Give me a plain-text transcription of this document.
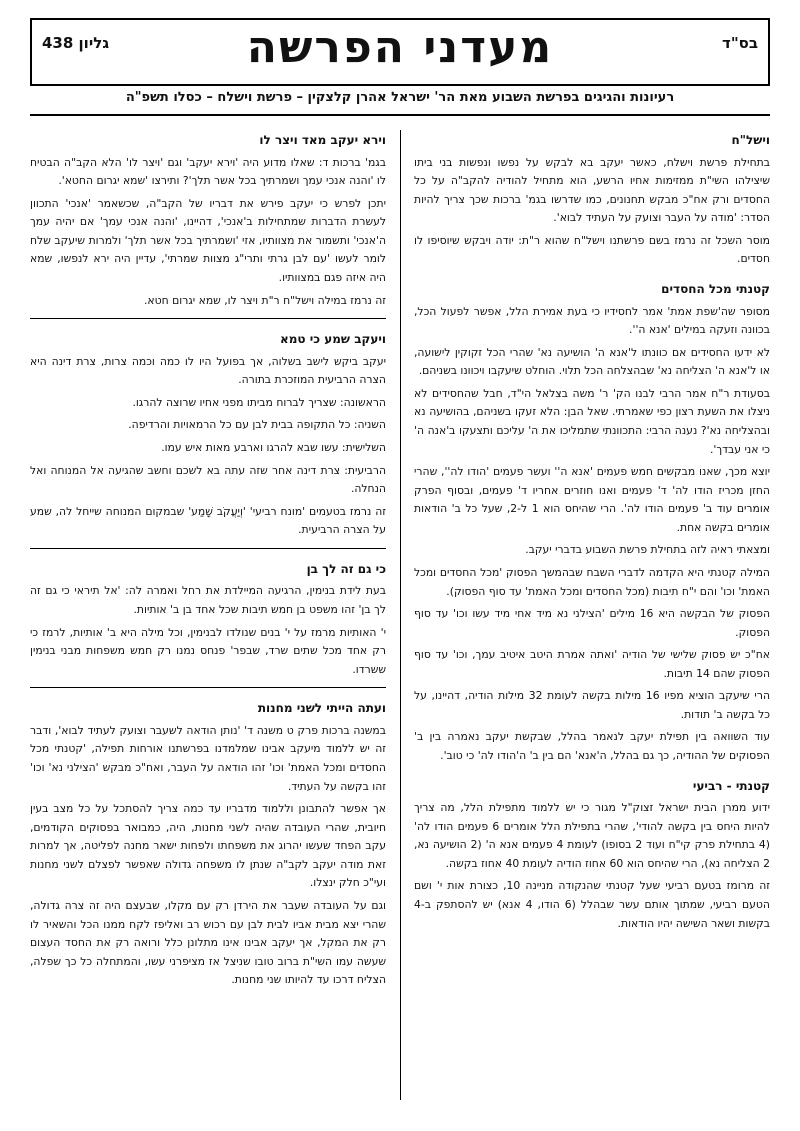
בס"ד
מעדני הפרשה
גליון 438
רעיונות והגיגים בפרשת השבוע מאת הר' ישראל אהרן קלצקין – פרשת וישלח – כסלו תשפ"ה
וישל"ח

בתחילת פרשת וישלח, כאשר יעקב בא לבקש על נפשו ונפשות בני ביתו שיצילהו השי"ת ממזימות אחיו הרשע, הוא מתחיל להודיה להקב"ה על כל החסדים ורק אח"כ מבקש תחנונים, כמו שדרשו בגמ' ברכות שכך צריך להיות הסדר: 'מודה על העבר וצועק על העתיד לבוא'.

מוסר השכל זה נרמז בשם פרשתנו וישל"ח שהוא ר"ת: יודה ויבקש שיוסיפו לו חסדים.

קטנתי מכל החסדים

מסופר שה'שפת אמת' אמר לחסידיו כי בעת אמירת הלל, אפשר לפעול הכל, בכוונה וזעקה במילים 'אנא ה''.

לא ידעו החסידים אם כוונתו ל'אנא ה' הושיעה נא' שהרי הכל זקוקין לישועה, או ל'אנא ה' הצליחה נא' שבהצלחה הכל תלוי. הוחלט שיעקבו ויכוונו בשניהם.

בסעודת ר"ח אמר הרבי לבנו הק' ר' משה בצלאל הי"ד, חבל שהחסידים לא ניצלו את השעת רצון כפי שאמרתי. שאל הבן: הלא זעקו בשניהם, בהושיעה נא ובהצליחה נא'? נענה הרבי: התכוונתי שתמליכו את ה' עליכם ותצעקו ב'אנה ה' כי אני עבדך'.

יוצא מכך, שאנו מבקשים חמש פעמים 'אנא ה'' ועשר פעמים 'הודו לה'', שהרי החזן מכריז הודו לה' ד' פעמים ואנו חוזרים אחריו ד' פעמים, ובסוף הפרק אומרים עוד ב' פעמים הודו לה'. הרי שהיחס הוא 1 ל-2, שעל כל ב' הודאות אומרים בקשה אחת.

ומצאתי ראיה לזה בתחילת פרשת השבוע בדברי יעקב.

המילה קטנתי היא הקדמה לדברי השבח שבהמשך הפסוק 'מכל החסדים ומכל האמת' וכו' והם י"ח תיבות (מכל החסדים ומכל האמת' עד סוף הפסוק).

הפסוק של הבקשה היא 16 מילים 'הצילני נא מיד אחי מיד עשו וכו' עד סוף הפסוק.

אח"כ יש פסוק שלישי של הודיה 'ואתה אמרת היטב איטיב עמך, וכו' עד סוף הפסוק שהם 14 תיבות.

הרי שיעקב הוציא מפיו 16 מילות בקשה לעומת 32 מילות הודיה, דהיינו, על כל בקשה ב' תודות.

עוד השוואה בין תפילת יעקב לנאמר בהלל, שבקשת יעקב נאמרה בין ב' הפסוקים של ההודיה, כך גם בהלל, ה'אנא' הם בין ב' ה'הודו לה' כי טוב'.

קטנתי - רביעי

ידוע ממרן הבית ישראל זצוק"ל מגור כי יש ללמוד מתפילת הלל, מה צריך להיות היחס בין בקשה להודי', שהרי בתפילת הלל אומרים 6 פעמים הודו לה' (4 בתחילת פרק קי"ח ועוד 2 בסופו) לעומת 4 פעמים אנא ה' (2 הושיעה נא, 2 הצליחה נא), הרי שהיחס הוא 60 אחוז הודיה לעומת 40 אחוז בקשה.

זה מרומז בטעם רביעי שעל קטנתי שהנקודה מניינה 10, כצורת אות י' ושם הטעם רביעי, שמתוך אותם עשר שבהלל (6 הודו, 4 אנא) יש להסתפק ב-4 בקשות ושאר השישה יהיו הודאות.

וירא יעקב מאד ויצר לו

בגמ' ברכות ד: שאלו מדוע היה 'וירא יעקב' וגם 'ויצר לו' הלא הקב"ה הבטיח לו 'והנה אנכי עמך ושמרתיך בכל אשר תלך'? ותירצו 'שמא יגרום החטא'.

יתכן לפרש כי יעקב פירש את דבריו של הקב"ה, שכשאמר 'אנכי' התכוון לעשרת הדברות שמתחילות ב'אנכי', דהיינו, 'והנה אנכי עמך' אם יהיה עמך ה'אנכי' ותשמור את מצוותיו, אזי 'ושמרתיך בכל אשר תלך' ולמרות שיעקב שלח לומר לעשו 'עם לבן גרתי ותרי"ג מצוות שמרתי', עדיין היה ירא לנפשו, שמא היה איזה פגם במצוותיו.

זה נרמז במילה וישל"ח ר"ת ויצר לו, שמא יגרום חטא.

ויעקב שמע כי טמא

יעקב ביקש לישב בשלוה, אך בפועל היו לו כמה וכמה צרות, צרת דינה היא הצרה הרביעית המוזכרת בתורה.

הראשונה: שצריך לברוח מביתו מפני אחיו שרוצה להרגו.

השניה: כל התקופה בבית לבן עם כל הרמאויות והרדיפה.

השלישית: עשו שבא להרגו וארבע מאות איש עמו.

הרביעית: צרת דינה אחר שזה עתה בא לשכם וחשב שהגיעה אל המנוחה ואל הנחלה.

זה נרמז בטעמים 'מונח רביעי' 'וְיַעֲקֹב שָׁמַע' שבמקום המנוחה שייחל לה, שמע על הצרה הרביעית.

כי גם זה לך בן

בעת לידת בנימין, הרגיעה המיילדת את רחל ואמרה לה: 'אל תיראי כי גם זה לך בן' זהו משפט בן חמש תיבות שכל אחד בן ב' אותיות.

י' האותיות מרמז על י' בנים שנולדו לבנימין, וכל מילה היא ב' אותיות, לרמז כי רק אחד מכל שתים שרד, שבפר' פנחס נמנו רק חמש משפחות מבני בנימין ששרדו.

ועתה הייתי לשני מחנות

במשנה ברכות פרק ט משנה ד' 'נותן הודאה לשעבר וצועק לעתיד לבוא', ודבר זה יש ללמוד מיעקב אבינו שמלמדנו בפרשתנו אורחות תפילה, 'קטנתי מכל החסדים ומכל האמת' וכו' זהו הודאה על העבר, ואח"כ מבקש 'הצילני נא' וכו' זהו בקשה על העתיד.

אך אפשר להתבונן וללמוד מדבריו עד כמה צריך להסתכל על כל מצב בעין חיובית, שהרי העובדה שהיה לשני מחנות, היה, כמבואר בפסוקים הקודמים, עקב הפחד שעשו יהרוג את משפחתו ולפחות ישאר מחנה לפליטה, אך למרות זאת מודה יעקב לקב"ה שנתן לו משפחה גדולה שאפשר לפצלם לשני מחנות ועי"כ חלק ינצלו.

וגם על העובדה שעבר את הירדן רק עם מקלו, שבעצם היה זה צרה גדולה, שהרי יצא מבית אביו לבית לבן עם רכוש רב ואליפז לקח ממנו הכל והשאיר לו רק את המקל, אך יעקב אבינו אינו מתלונן כלל ורואה רק את החסד העצום שעשה עמו השי"ת ברוב טובו שניצל אז מציפרני עשו, והמתחלה כל כך שפלה, הצליח דרכו עד להיותו שני מחנות.
